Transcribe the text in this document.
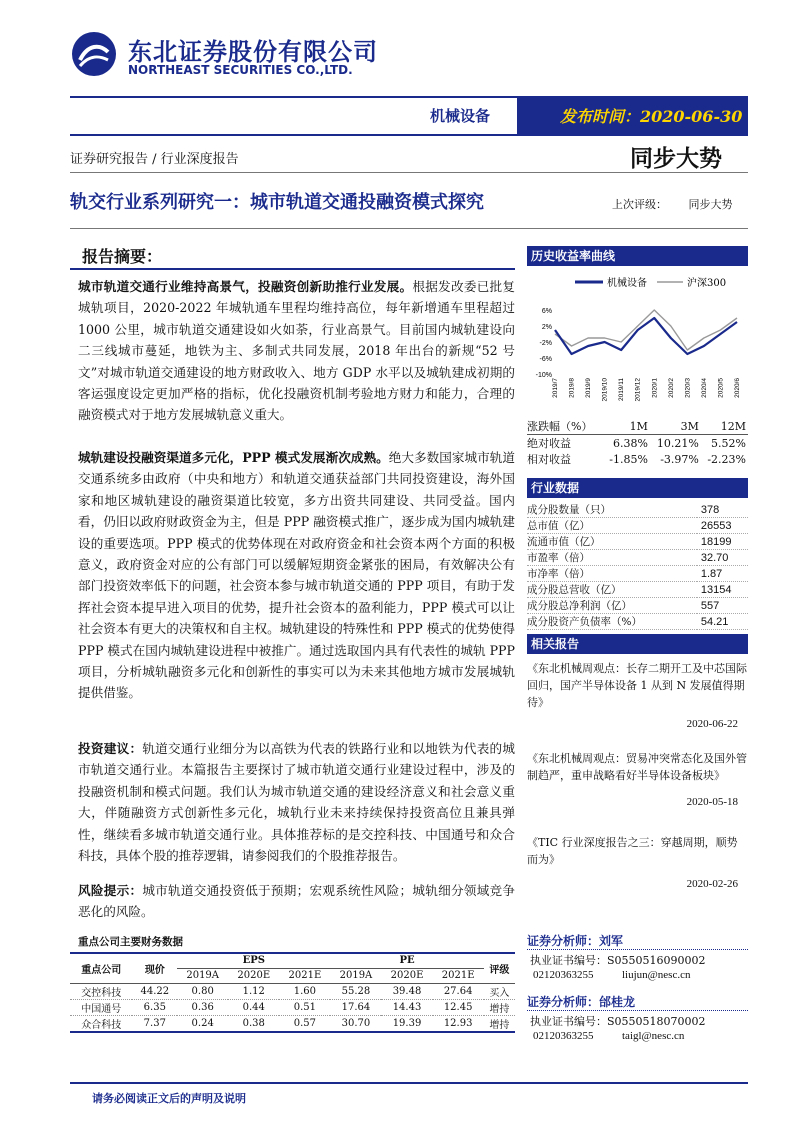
东北证券股份有限公司
NORTHEAST SECURITIES CO.,LTD.
机械设备	发布时间：2020-06-30
证券研究报告 / 行业深度报告	同步大势
轨交行业系列研究一：城市轨道交通投融资模式探究	上次评级： 同步大势
报告摘要：
城市轨道交通行业维持高景气，投融资创新助推行业发展。根据发改委已批复城轨项目，2020-2022 年城轨通车里程均维持高位，每年新增通车里程超过 1000 公里，城市轨道交通建设如火如荼，行业高景气。目前国内城轨建设向二三线城市蔓延，地铁为主、多制式共同发展，2018 年出台的新规“52 号文”对城市轨道交通建设的地方财政收入、地方 GDP 水平以及城轨建成初期的客运强度设定更加严格的指标，优化投融资机制考验地方财力和能力，合理的融资模式对于地方发展城轨意义重大。
城轨建设投融资渠道多元化，PPP 模式发展渐次成熟。绝大多数国家城市轨道交通系统多由政府（中央和地方）和轨道交通获益部门共同投资建设，海外国家和地区城轨建设的融资渠道比较宽，多方出资共同建设、共同受益。国内看，仍旧以政府财政资金为主，但是 PPP 融资模式推广，逐步成为国内城轨建设的重要选项。PPP 模式的优势体现在对政府资金和社会资本两个方面的积极意义，政府资金对应的公有部门可以缓解短期资金紧张的困局，有效解决公有部门投资效率低下的问题，社会资本参与城市轨道交通的 PPP 项目，有助于发挥社会资本提早进入项目的优势，提升社会资本的盈利能力，PPP 模式可以让社会资本有更大的决策权和自主权。城轨建设的特殊性和 PPP 模式的优势使得 PPP 模式在国内城轨建设进程中被推广。通过选取国内具有代表性的城轨 PPP 项目，分析城轨融资多元化和创新性的事实可以为未来其他地方城市发展城轨提供借鉴。
投资建议：轨道交通行业细分为以高铁为代表的铁路行业和以地铁为代表的城市轨道交通行业。本篇报告主要探讨了城市轨道交通行业建设过程中，涉及的投融资机制和模式问题。我们认为城市轨道交通的建设经济意义和社会意义重大，伴随融资方式创新性多元化，城轨行业未来持续保持投资高位且兼具弹性，继续看多城市轨道交通行业。具体推荐标的是交控科技、中国通号和众合科技，具体个股的推荐逻辑，请参阅我们的个股推荐报告。
风险提示：城市轨道交通投资低于预期；宏观系统性风险；城轨细分领域竞争恶化的风险。
重点公司主要财务数据
重点公司	现价	EPS			PE			评级
		2019A	2020E	2021E	2019A	2020E	2021E	
交控科技	44.22	0.80	1.12	1.60	55.28	39.48	27.64	买入
中国通号	6.35	0.36	0.44	0.51	17.64	14.43	12.45	增持
众合科技	7.37	0.24	0.38	0.57	30.70	19.39	12.93	增持
历史收益率曲线
机械设备	沪深300
6%
2%
-2%
-6%
-10%
2019/7 2019/8 2019/9 2019/10 2019/11 2019/12 2020/1 2020/2 2020/3 2020/4 2020/5 2020/6
涨跌幅（%）	1M	3M	12M
绝对收益	6.38%	10.21%	5.52%
相对收益	-1.85%	-3.97%	-2.23%
行业数据
成分股数量（只）	378
总市值（亿）	26553
流通市值（亿）	18199
市盈率（倍）	32.70
市净率（倍）	1.87
成分股总营收（亿）	13154
成分股总净利润（亿）	557
成分股资产负债率（%）	54.21
相关报告
《东北机械周观点：长存二期开工及中芯国际回归，国产半导体设备 1 从到 N 发展值得期待》
2020-06-22
《东北机械周观点：贸易冲突常态化及国外管制趋严，重申战略看好半导体设备板块》
2020-05-18
《TIC 行业深度报告之三：穿越周期，顺势而为》
2020-02-26
证券分析师：刘军
执业证书编号：S0550516090002
02120363255	liujun@nesc.cn
证券分析师：邰桂龙
执业证书编号：S0550518070002
02120363255	taigl@nesc.cn
请务必阅读正文后的声明及说明
